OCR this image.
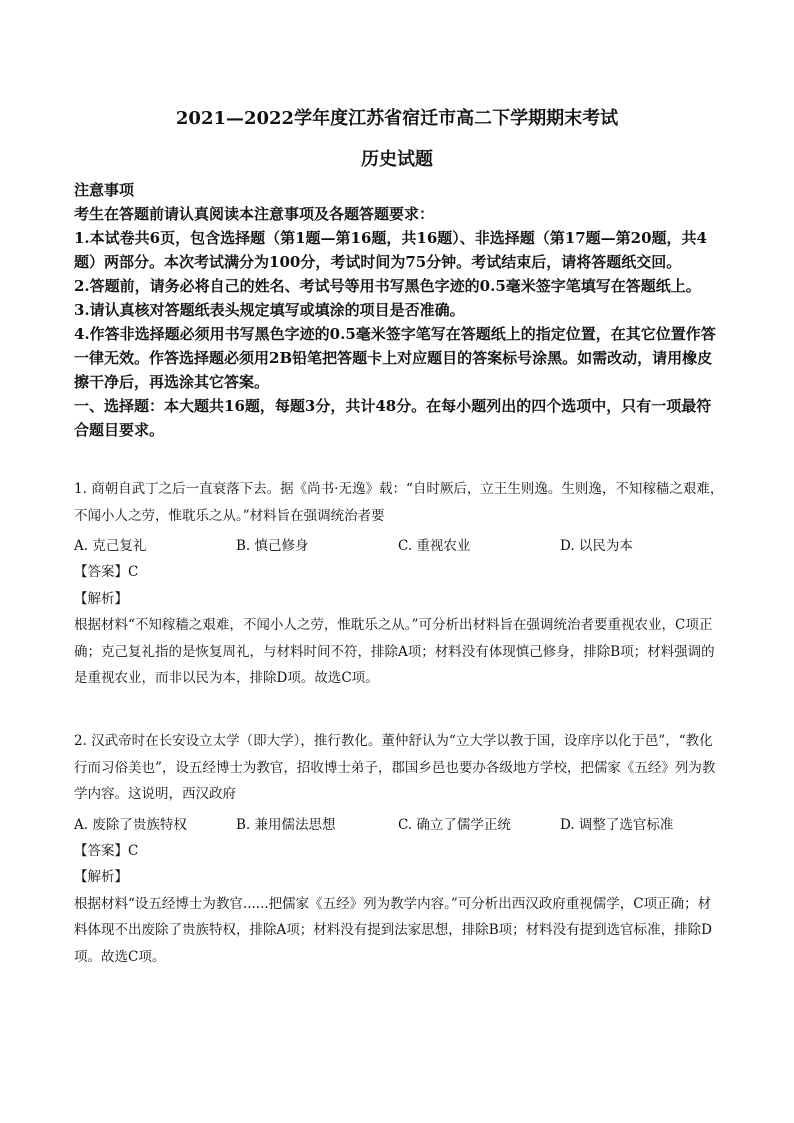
2021—2022学年度江苏省宿迁市高二下学期期末考试
历史试题

注意事项

考生在答题前请认真阅读本注意事项及各题答题要求：

1.本试卷共6页，包含选择题（第1题—第16题，共16题）、非选择题（第17题—第20题，共4题）两部分。本次考试满分为100分，考试时间为75分钟。考试结束后，请将答题纸交回。

2.答题前，请务必将自己的姓名、考试号等用书写黑色字迹的0.5毫米签字笔填写在答题纸上。

3.请认真核对答题纸表头规定填写或填涂的项目是否准确。

4.作答非选择题必须用书写黑色字迹的0.5毫米签字笔写在答题纸上的指定位置，在其它位置作答一律无效。作答选择题必须用2B铅笔把答题卡上对应题目的答案标号涂黑。如需改动，请用橡皮擦干净后，再选涂其它答案。

一、选择题：本大题共16题，每题3分，共计48分。在每小题列出的四个选项中，只有一项最符合题目要求。

1. 商朝自武丁之后一直衰落下去。据《尚书·无逸》载：“自时厥后，立王生则逸。生则逸，不知稼穑之艰难，不闻小人之劳，惟耽乐之从。”材料旨在强调统治者要

A. 克己复礼	B. 慎己修身	C. 重视农业	D. 以民为本

【答案】C

【解析】

根据材料“不知稼穑之艰难，不闻小人之劳，惟耽乐之从。”可分析出材料旨在强调统治者要重视农业，C项正确；克己复礼指的是恢复周礼，与材料时间不符，排除A项；材料没有体现慎己修身，排除B项；材料强调的是重视农业，而非以民为本，排除D项。故选C项。

2. 汉武帝时在长安设立太学（即大学），推行教化。董仲舒认为“立大学以教于国，设庠序以化于邑”，“教化行而习俗美也”，设五经博士为教官，招收博士弟子，郡国乡邑也要办各级地方学校，把儒家《五经》列为教学内容。这说明，西汉政府

A. 废除了贵族特权	B. 兼用儒法思想	C. 确立了儒学正统	D. 调整了选官标准

【答案】C

【解析】

根据材料“设五经博士为教官......把儒家《五经》列为教学内容。”可分析出西汉政府重视儒学，C项正确；材料体现不出废除了贵族特权，排除A项；材料没有提到法家思想，排除B项；材料没有提到选官标准，排除D项。故选C项。
